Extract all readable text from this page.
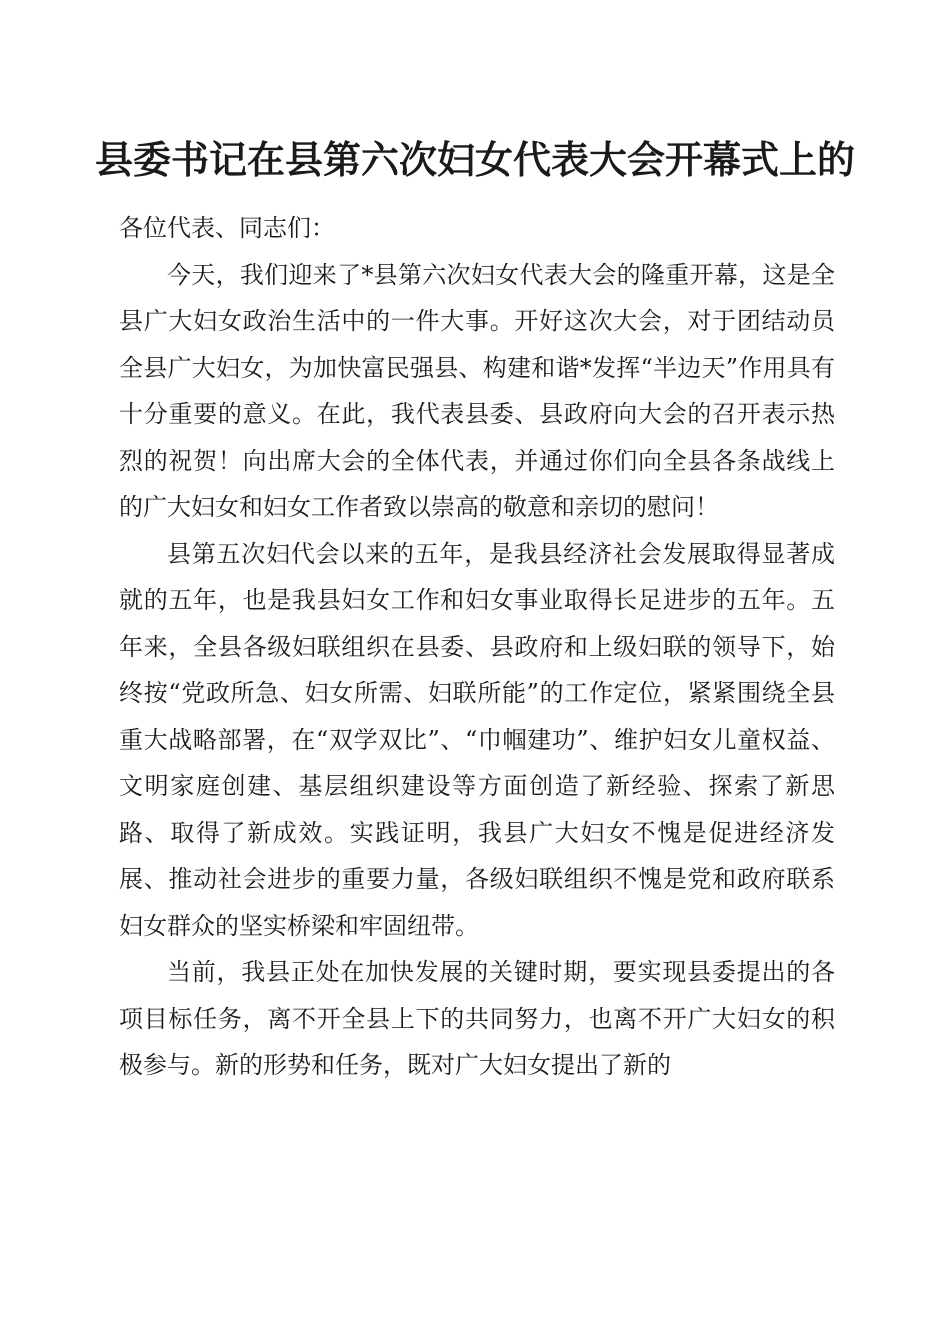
县委书记在县第六次妇女代表大会开幕式上的

各位代表、同志们：

今天，我们迎来了*县第六次妇女代表大会的隆重开幕，这是全县广大妇女政治生活中的一件大事。开好这次大会，对于团结动员全县广大妇女，为加快富民强县、构建和谐*发挥“半边天”作用具有十分重要的意义。在此，我代表县委、县政府向大会的召开表示热烈的祝贺！向出席大会的全体代表，并通过你们向全县各条战线上的广大妇女和妇女工作者致以崇高的敬意和亲切的慰问！

县第五次妇代会以来的五年，是我县经济社会发展取得显著成就的五年，也是我县妇女工作和妇女事业取得长足进步的五年。五年来，全县各级妇联组织在县委、县政府和上级妇联的领导下，始终按“党政所急、妇女所需、妇联所能”的工作定位，紧紧围绕全县重大战略部署，在“双学双比”、“巾帼建功”、维护妇女儿童权益、文明家庭创建、基层组织建设等方面创造了新经验、探索了新思路、取得了新成效。实践证明，我县广大妇女不愧是促进经济发展、推动社会进步的重要力量，各级妇联组织不愧是党和政府联系妇女群众的坚实桥梁和牢固纽带。

当前，我县正处在加快发展的关键时期，要实现县委提出的各项目标任务，离不开全县上下的共同努力，也离不开广大妇女的积极参与。新的形势和任务，既对广大妇女提出了新的
